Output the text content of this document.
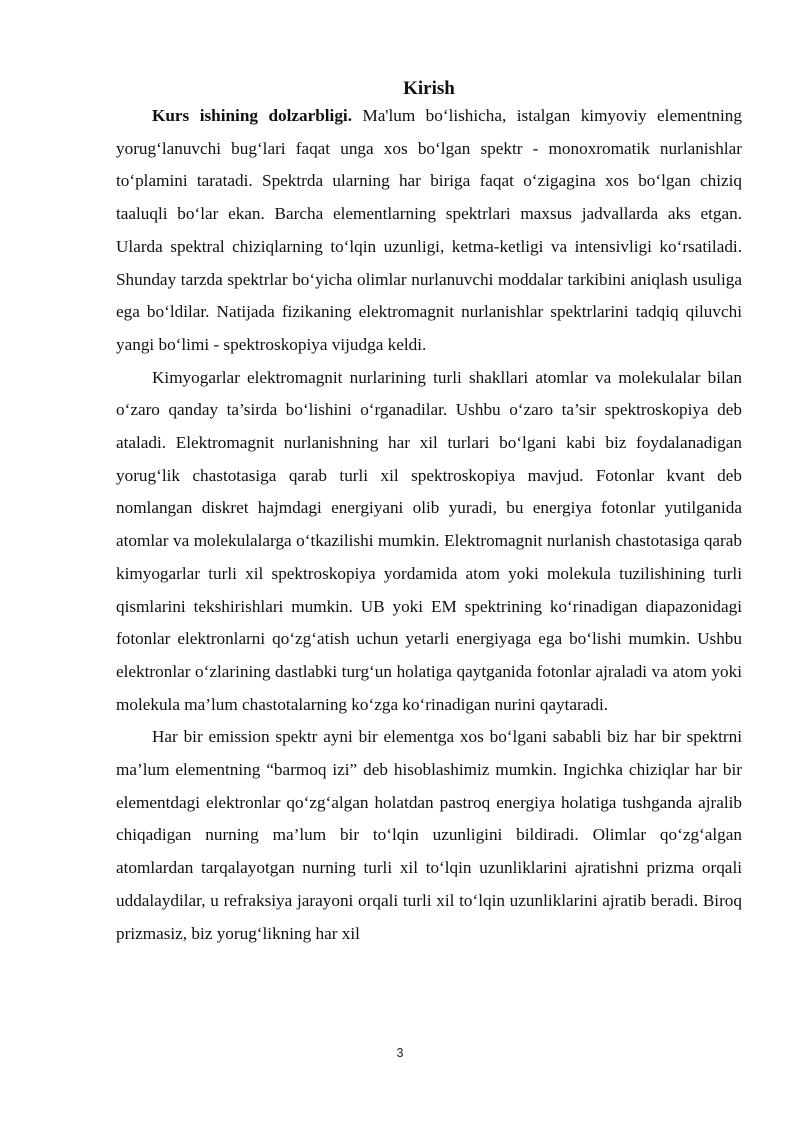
Kirish

Kurs ishining dolzarbligi. Ma'lum bo‘lishicha, istalgan kimyoviy elementning yorug‘lanuvchi bug‘lari faqat unga xos bo‘lgan spektr - monoxromatik nurlanishlar to‘plamini taratadi. Spektrda ularning har biriga faqat o‘zigagina xos bo‘lgan chiziq taaluqli bo‘lar ekan. Barcha elementlarning spektrlari maxsus jadvallarda aks etgan. Ularda spektral chiziqlarning to‘lqin uzunligi, ketma-ketligi va intensivligi ko‘rsatiladi. Shunday tarzda spektrlar bo‘yicha olimlar nurlanuvchi moddalar tarkibini aniqlash usuliga ega bo‘ldilar. Natijada fizikaning elektromagnit nurlanishlar spektrlarini tadqiq qiluvchi yangi bo‘limi - spektroskopiya vijudga keldi.

Kimyogarlar elektromagnit nurlarining turli shakllari atomlar va molekulalar bilan o‘zaro qanday ta’sirda bo‘lishini o‘rganadilar. Ushbu o‘zaro ta’sir spektroskopiya deb ataladi. Elektromagnit nurlanishning har xil turlari bo‘lgani kabi biz foydalanadigan yorug‘lik chastotasiga qarab turli xil spektroskopiya mavjud. Fotonlar kvant deb nomlangan diskret hajmdagi energiyani olib yuradi, bu energiya fotonlar yutilganida atomlar va molekulalarga o‘tkazilishi mumkin. Elektromagnit nurlanish chastotasiga qarab kimyogarlar turli xil spektroskopiya yordamida atom yoki molekula tuzilishining turli qismlarini tekshirishlari mumkin. UB yoki EM spektrining ko‘rinadigan diapazonidagi fotonlar elektronlarni qo‘zg‘atish uchun yetarli energiyaga ega bo‘lishi mumkin. Ushbu elektronlar o‘zlarining dastlabki turg‘un holatiga qaytganida fotonlar ajraladi va atom yoki molekula ma’lum chastotalarning ko‘zga ko‘rinadigan nurini qaytaradi.

Har bir emission spektr ayni bir elementga xos bo‘lgani sababli biz har bir spektrni ma’lum elementning “barmoq izi” deb hisoblashimiz mumkin. Ingichka chiziqlar har bir elementdagi elektronlar qo‘zg‘algan holatdan pastroq energiya holatiga tushganda ajralib chiqadigan nurning ma’lum bir to‘lqin uzunligini bildiradi. Olimlar qo‘zg‘algan atomlardan tarqalayotgan nurning turli xil to‘lqin uzunliklarini ajratishni prizma orqali uddalaydilar, u refraksiya jarayoni orqali turli xil to‘lqin uzunliklarini ajratib beradi. Biroq prizmasiz, biz yorug‘likning har xil

3
